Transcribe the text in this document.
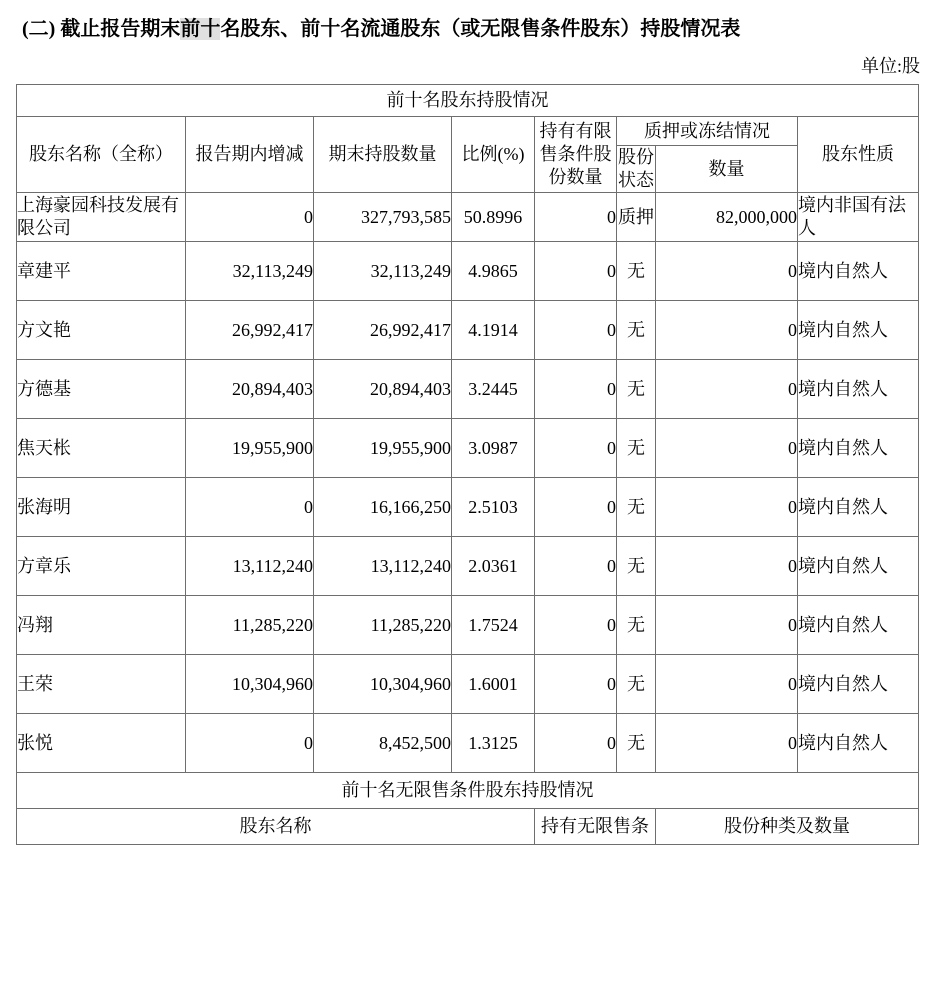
(二) 截止报告期末前十名股东、前十名流通股东（或无限售条件股东）持股情况表
单位:股
前十名股东持股情况							
股东名称（全称）	报告期内增减	期末持股数量	比例(%)	持有有限售条件股份数量	质押或冻结情况		股东性质
					股份状态	数量	
上海豪园科技发展有限公司	0	327,793,585	50.8996	0	质押	82,000,000	境内非国有法人
章建平	32,113,249	32,113,249	4.9865	0	无	0	境内自然人
方文艳	26,992,417	26,992,417	4.1914	0	无	0	境内自然人
方德基	20,894,403	20,894,403	3.2445	0	无	0	境内自然人
焦天枨	19,955,900	19,955,900	3.0987	0	无	0	境内自然人
张海明	0	16,166,250	2.5103	0	无	0	境内自然人
方章乐	13,112,240	13,112,240	2.0361	0	无	0	境内自然人
冯翔	11,285,220	11,285,220	1.7524	0	无	0	境内自然人
王荣	10,304,960	10,304,960	1.6001	0	无	0	境内自然人
张悦	0	8,452,500	1.3125	0	无	0	境内自然人
前十名无限售条件股东持股情况							
股东名称				持有无限售条		股份种类及数量	
